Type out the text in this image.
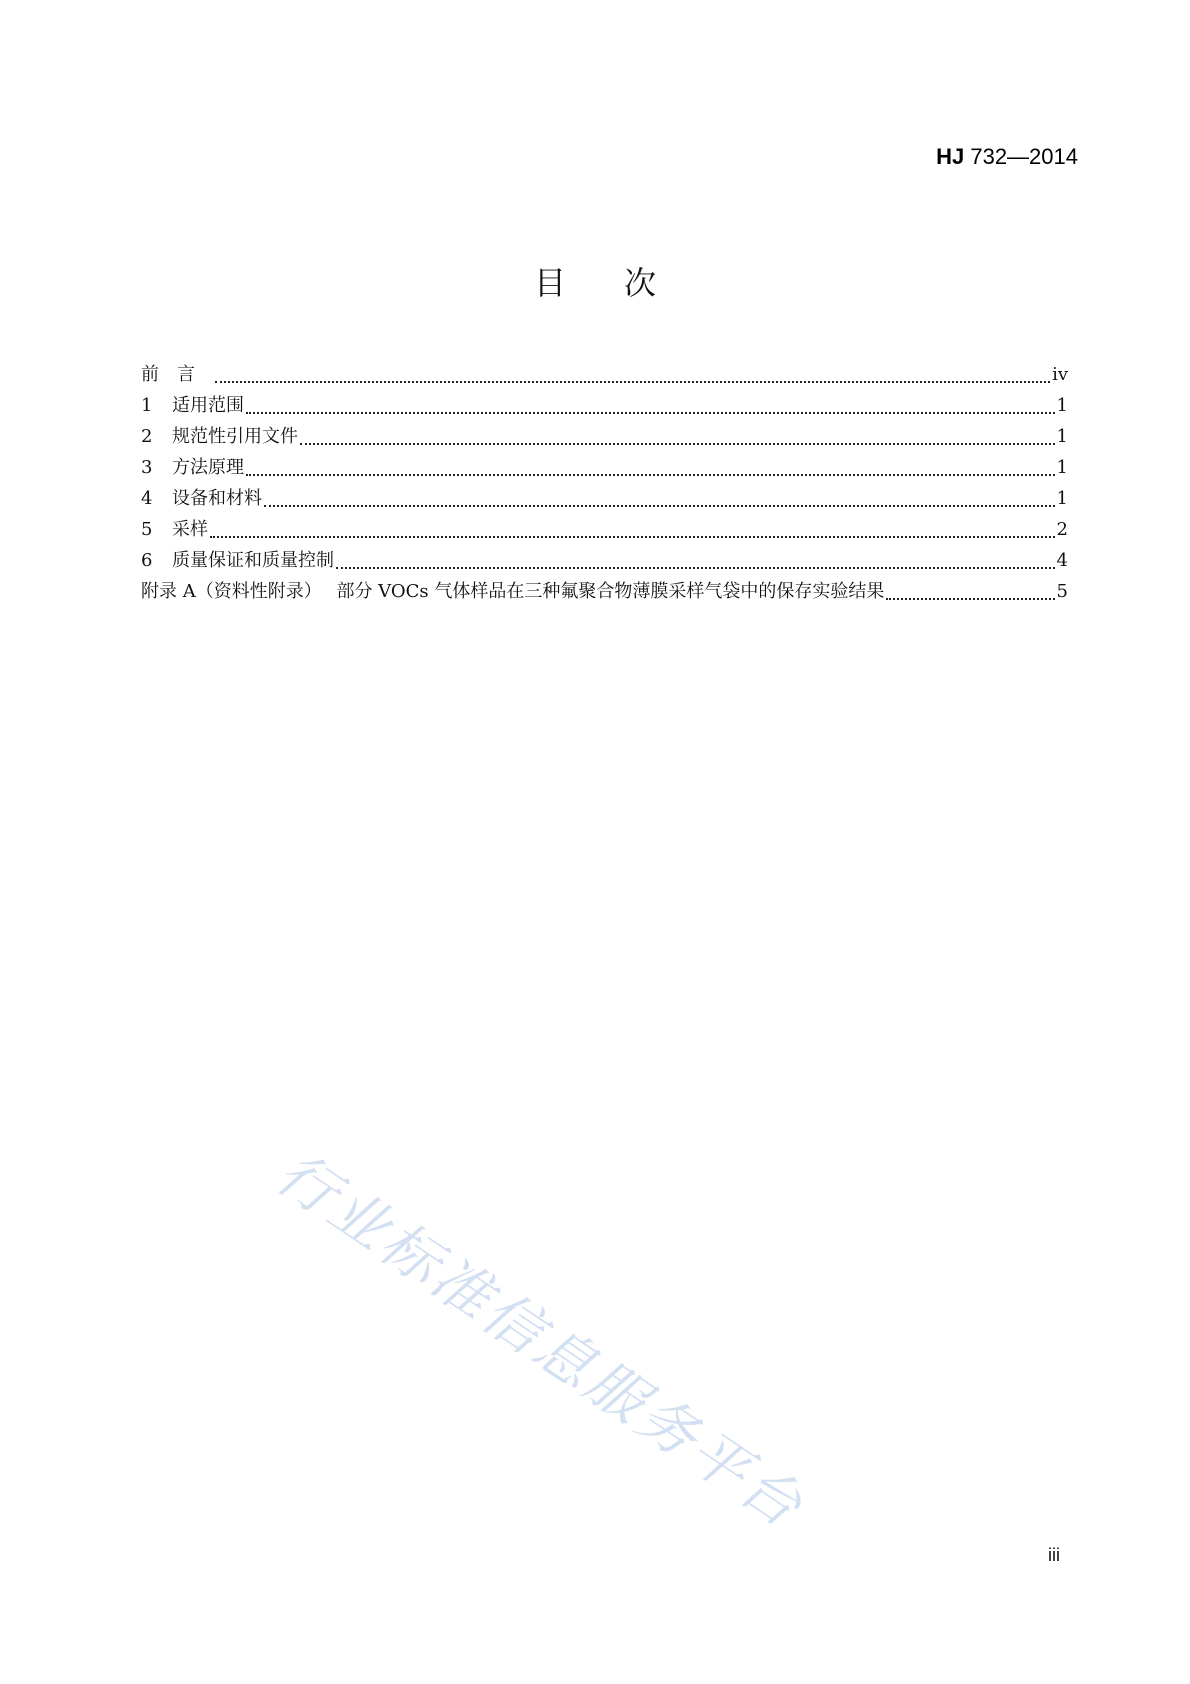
HJ 732—2014
目次
前言	iv
1	适用范围	1
2	规范性引用文件	1
3	方法原理	1
4	设备和材料	1
5	采样	2
6	质量保证和质量控制	4
附录 A（资料性附录）　 部分 VOCs 气体样品在三种氟聚合物薄膜采样气袋中的保存实验结果	5
行业标准信息服务平台
iii
